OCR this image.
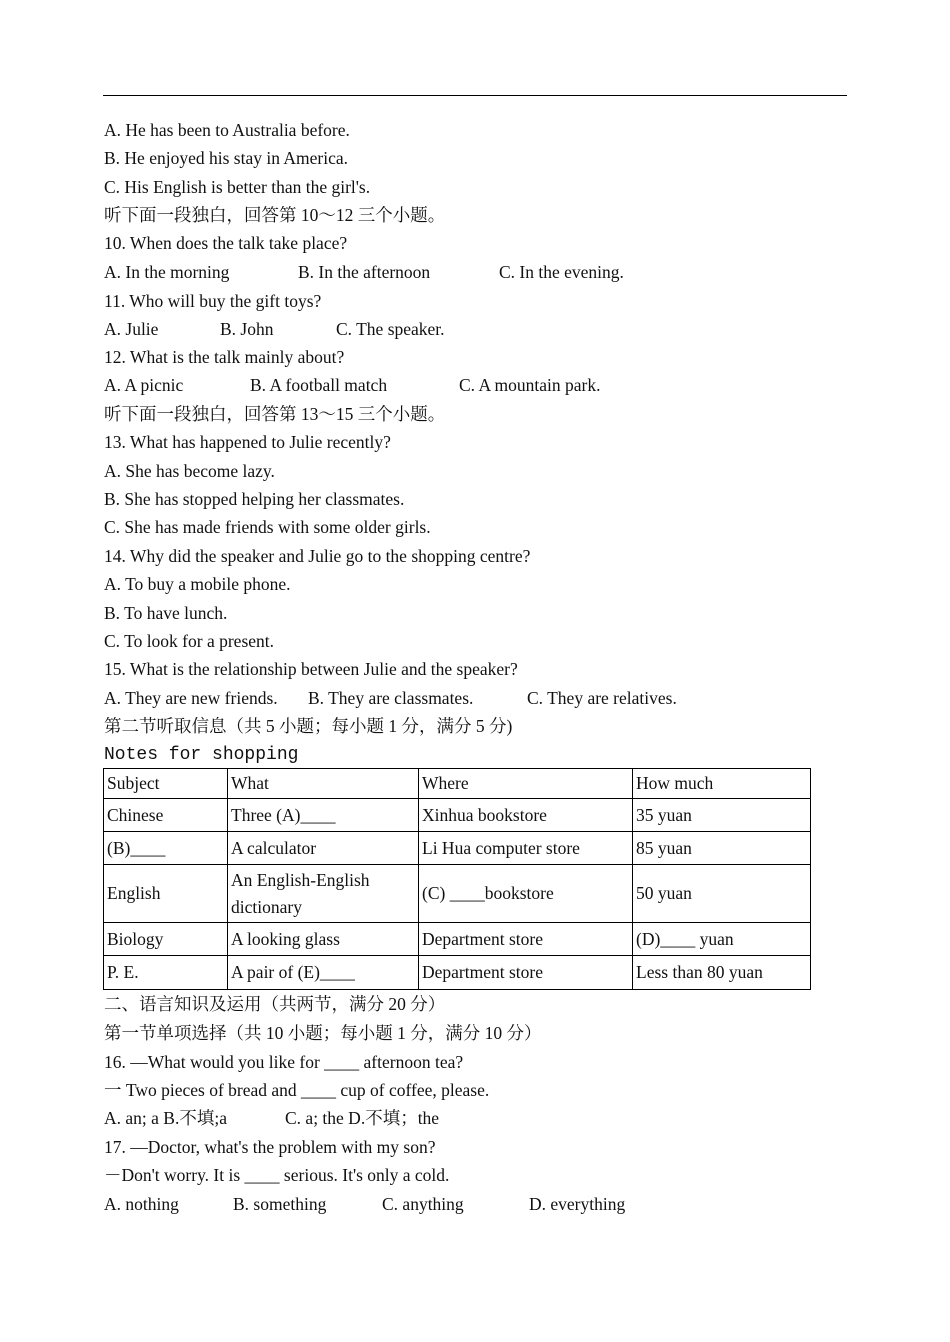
A. He has been to Australia before.
B. He enjoyed his stay in America.
C. His English is better than the girl's.
听下面一段独白，回答第 10～12 三个小题。
10. When does the talk take place?
A. In the morning	B. In the afternoon	C. In the evening.
11. Who will buy the gift toys?
A. Julie	B. John	C. The speaker.
12. What is the talk mainly about?
A. A picnic	B. A football match	C. A mountain park.
听下面一段独白，回答第 13～15 三个小题。
13. What has happened to Julie recently?
A. She has become lazy.
B. She has stopped helping her classmates.
C. She has made friends with some older girls.
14. Why did the speaker and Julie go to the shopping centre?
A. To buy a mobile phone.
B. To have lunch.
C. To look for a present.
15. What is the relationship between Julie and the speaker?
A. They are new friends.	B. They are classmates.	C. They are relatives.
第二节听取信息（共 5 小题；每小题 1 分，满分 5 分)
Notes for shopping
Subject	What	Where	How much
Chinese	Three (A)____	Xinhua bookstore	35 yuan
(B)____	A calculator	Li Hua computer store	85 yuan
English	An English-English dictionary	(C) ____bookstore	50 yuan
Biology	A looking glass	Department store	(D)____ yuan
P. E.	A pair of (E)____	Department store	Less than 80 yuan
二、语言知识及运用（共两节，满分 20 分）
第一节单项选择（共 10 小题；每小题 1 分，满分 10 分）
16. —What would you like for ____ afternoon tea?
一 Two pieces of bread and ____ cup of coffee, please.
A. an; a B.不填;a	C. a; the D.不填；the
17. ―Doctor, what's the problem with my son?
－Don't worry. It is ____ serious. It's only a cold.
A. nothing	B. something	C. anything	D. everything
